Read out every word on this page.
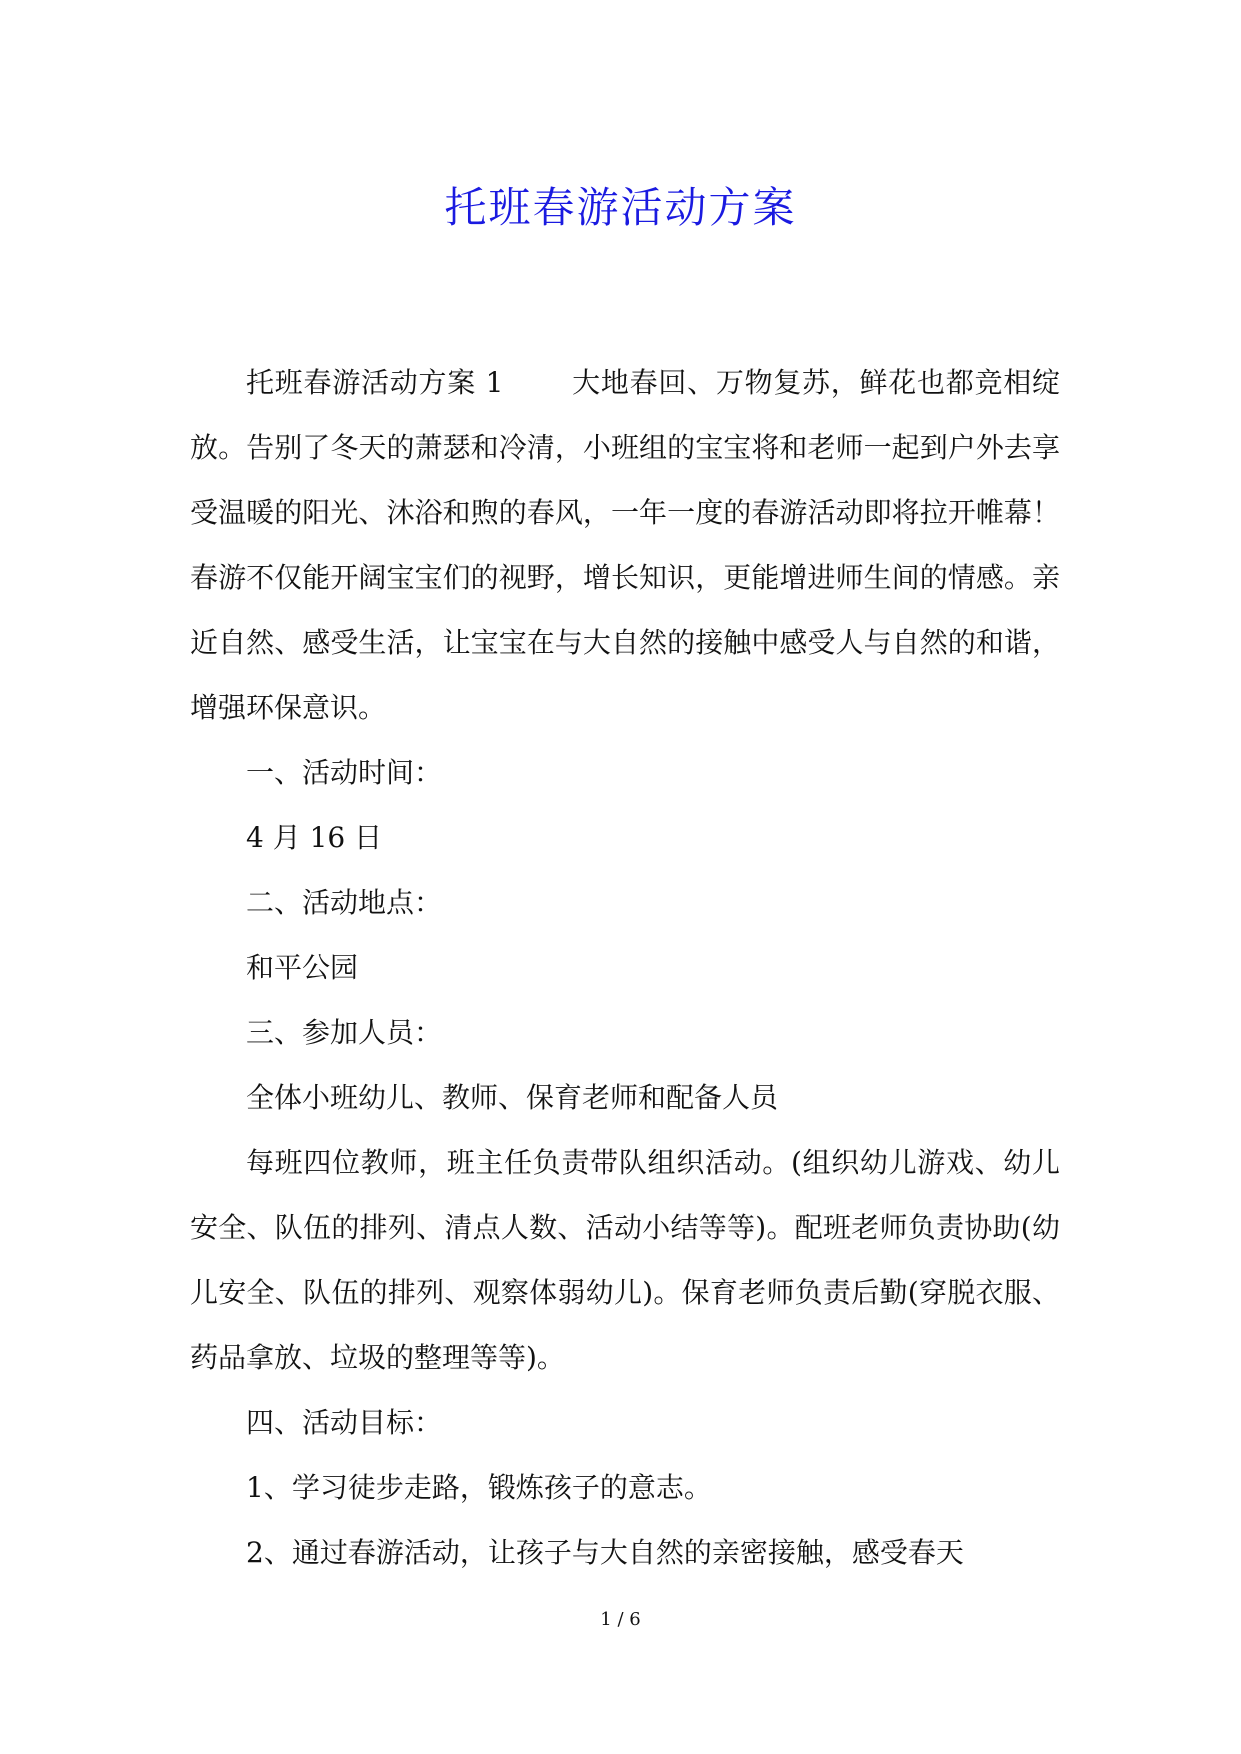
托班春游活动方案

托班春游活动方案 1 大地春回、万物复苏，鲜花也都竞相绽放。告别了冬天的萧瑟和冷清，小班组的宝宝将和老师一起到户外去享受温暖的阳光、沐浴和煦的春风，一年一度的春游活动即将拉开帷幕！春游不仅能开阔宝宝们的视野，增长知识，更能增进师生间的情感。亲近自然、感受生活，让宝宝在与大自然的接触中感受人与自然的和谐，增强环保意识。

一、活动时间：

4 月 16 日

二、活动地点：

和平公园

三、参加人员：

全体小班幼儿、教师、保育老师和配备人员

每班四位教师，班主任负责带队组织活动。(组织幼儿游戏、幼儿安全、队伍的排列、清点人数、活动小结等等)。配班老师负责协助(幼儿安全、队伍的排列、观察体弱幼儿)。保育老师负责后勤(穿脱衣服、药品拿放、垃圾的整理等等)。

四、活动目标：

1、学习徒步走路，锻炼孩子的意志。

2、通过春游活动，让孩子与大自然的亲密接触，感受春天

1 / 6
